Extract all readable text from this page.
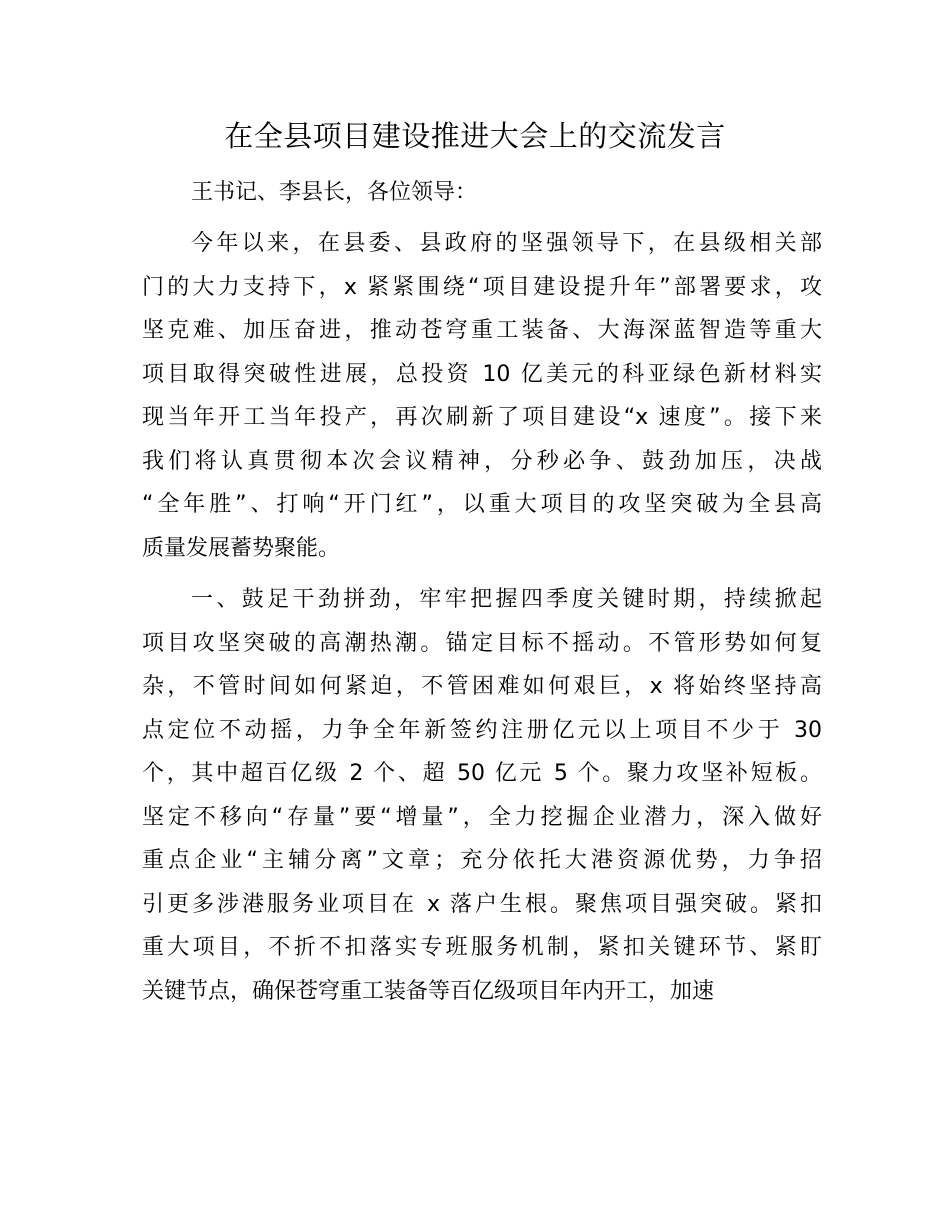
在全县项目建设推进大会上的交流发言
王书记、李县长，各位领导：
今年以来，在县委、县政府的坚强领导下，在县级相关部
门的大力支持下，x 紧紧围绕“项目建设提升年”部署要求，攻
坚克难、加压奋进，推动苍穹重工装备、大海深蓝智造等重大
项目取得突破性进展，总投资 10 亿美元的科亚绿色新材料实
现当年开工当年投产，再次刷新了项目建设“x 速度”。接下来
我们将认真贯彻本次会议精神，分秒必争、鼓劲加压，决战
“全年胜”、打响“开门红”，以重大项目的攻坚突破为全县高
质量发展蓄势聚能。
一、鼓足干劲拼劲，牢牢把握四季度关键时期，持续掀起
项目攻坚突破的高潮热潮。锚定目标不摇动。不管形势如何复
杂，不管时间如何紧迫，不管困难如何艰巨，x 将始终坚持高
点定位不动摇，力争全年新签约注册亿元以上项目不少于 30
个，其中超百亿级 2 个、超 50 亿元 5 个。聚力攻坚补短板。
坚定不移向“存量”要“增量”，全力挖掘企业潜力，深入做好
重点企业“主辅分离”文章；充分依托大港资源优势，力争招
引更多涉港服务业项目在 x 落户生根。聚焦项目强突破。紧扣
重大项目，不折不扣落实专班服务机制，紧扣关键环节、紧盯
关键节点，确保苍穹重工装备等百亿级项目年内开工，加速
